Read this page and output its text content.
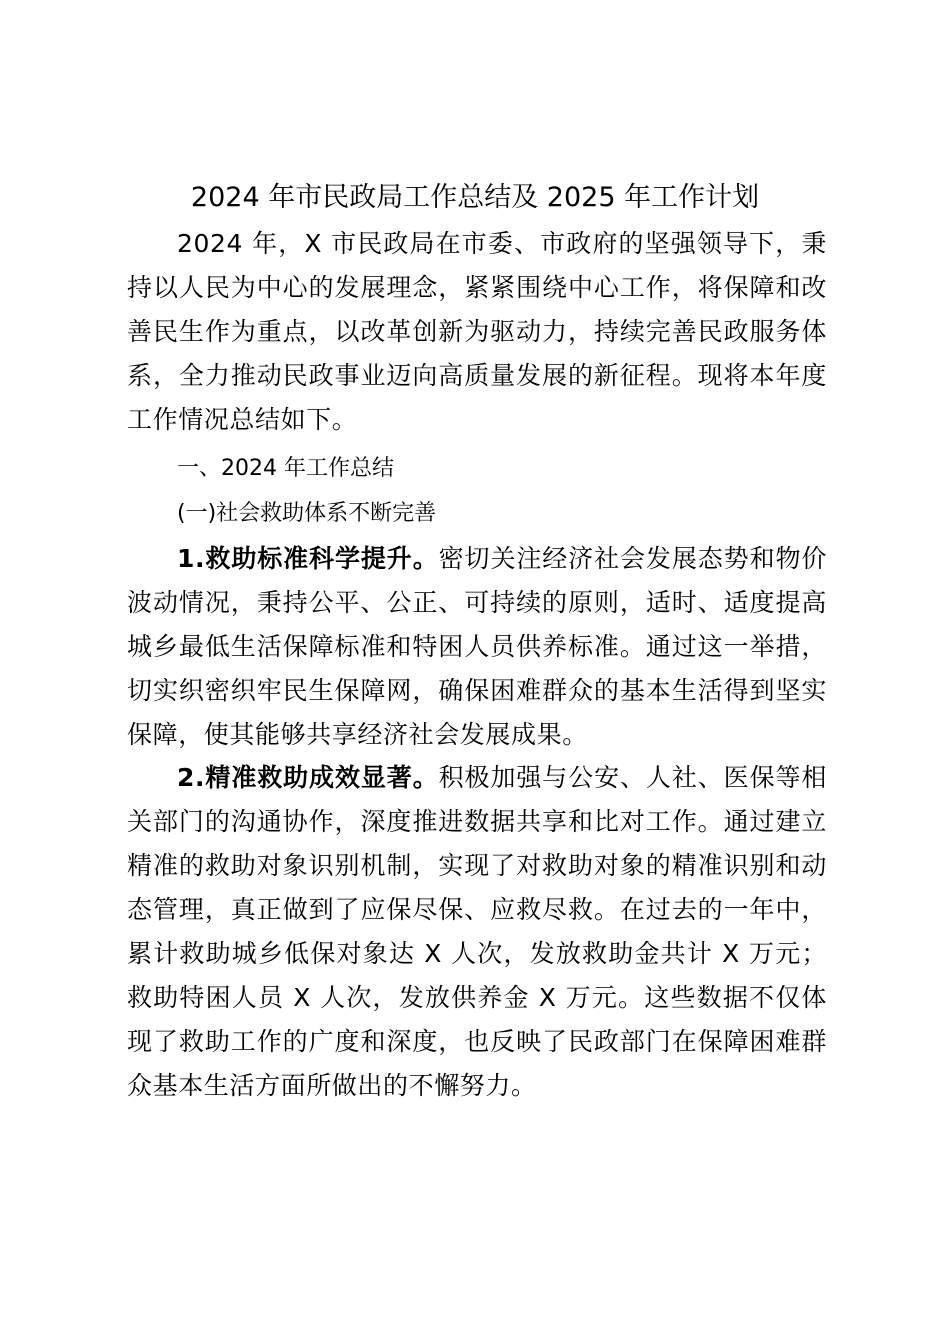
2024 年市民政局工作总结及 2025 年工作计划

2024 年，X 市民政局在市委、市政府的坚强领导下，秉持以人民为中心的发展理念，紧紧围绕中心工作，将保障和改善民生作为重点，以改革创新为驱动力，持续完善民政服务体系，全力推动民政事业迈向高质量发展的新征程。现将本年度工作情况总结如下。

一、2024 年工作总结

(一)社会救助体系不断完善

1.救助标准科学提升。密切关注经济社会发展态势和物价波动情况，秉持公平、公正、可持续的原则，适时、适度提高城乡最低生活保障标准和特困人员供养标准。通过这一举措，切实织密织牢民生保障网，确保困难群众的基本生活得到坚实保障，使其能够共享经济社会发展成果。

2.精准救助成效显著。积极加强与公安、人社、医保等相关部门的沟通协作，深度推进数据共享和比对工作。通过建立精准的救助对象识别机制，实现了对救助对象的精准识别和动态管理，真正做到了应保尽保、应救尽救。在过去的一年中，累计救助城乡低保对象达 X 人次，发放救助金共计 X 万元；救助特困人员 X 人次，发放供养金 X 万元。这些数据不仅体现了救助工作的广度和深度，也反映了民政部门在保障困难群众基本生活方面所做出的不懈努力。
